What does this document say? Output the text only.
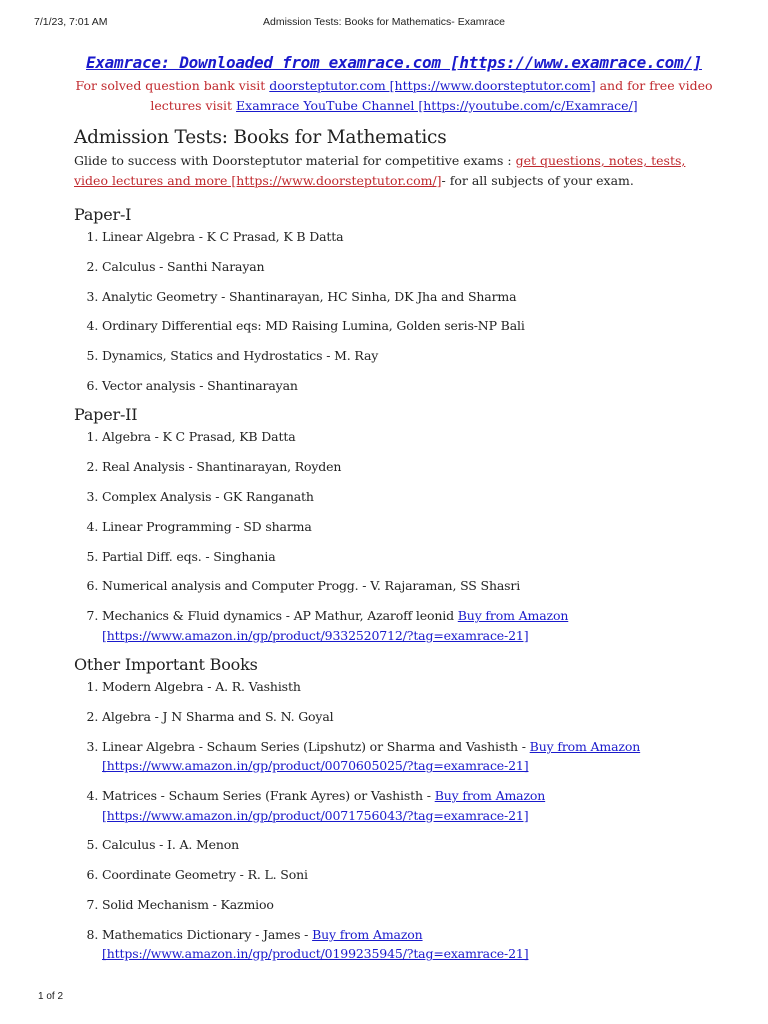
7/1/23, 7:01 AM	Admission Tests: Books for Mathematics- Examrace

Examrace: Downloaded from examrace.com [https://www.examrace.com/]

For solved question bank visit doorsteptutor.com [https://www.doorsteptutor.com] and for free video lectures visit Examrace YouTube Channel [https://youtube.com/c/Examrace/]

Admission Tests: Books for Mathematics

Glide to success with Doorsteptutor material for competitive exams : get questions, notes, tests, video lectures and more [https://www.doorsteptutor.com/]- for all subjects of your exam.

Paper-I
1. Linear Algebra - K C Prasad, K B Datta
2. Calculus - Santhi Narayan
3. Analytic Geometry - Shantinarayan, HC Sinha, DK Jha and Sharma
4. Ordinary Differential eqs: MD Raising Lumina, Golden seris-NP Bali
5. Dynamics, Statics and Hydrostatics - M. Ray
6. Vector analysis - Shantinarayan
Paper-II
1. Algebra - K C Prasad, KB Datta
2. Real Analysis - Shantinarayan, Royden
3. Complex Analysis - GK Ranganath
4. Linear Programming - SD sharma
5. Partial Diff. eqs. - Singhania
6. Numerical analysis and Computer Progg. - V. Rajaraman, SS Shasri
7. Mechanics & Fluid dynamics - AP Mathur, Azaroff leonid Buy from Amazon [https://www.amazon.in/gp/product/9332520712/?tag=examrace-21]
Other Important Books
1. Modern Algebra - A. R. Vashisth
2. Algebra - J N Sharma and S. N. Goyal
3. Linear Algebra - Schaum Series (Lipshutz) or Sharma and Vashisth - Buy from Amazon [https://www.amazon.in/gp/product/0070605025/?tag=examrace-21]
4. Matrices - Schaum Series (Frank Ayres) or Vashisth - Buy from Amazon [https://www.amazon.in/gp/product/0071756043/?tag=examrace-21]
5. Calculus - I. A. Menon
6. Coordinate Geometry - R. L. Soni
7. Solid Mechanism - Kazmioo
8. Mathematics Dictionary - James - Buy from Amazon [https://www.amazon.in/gp/product/0199235945/?tag=examrace-21]
1 of 2
